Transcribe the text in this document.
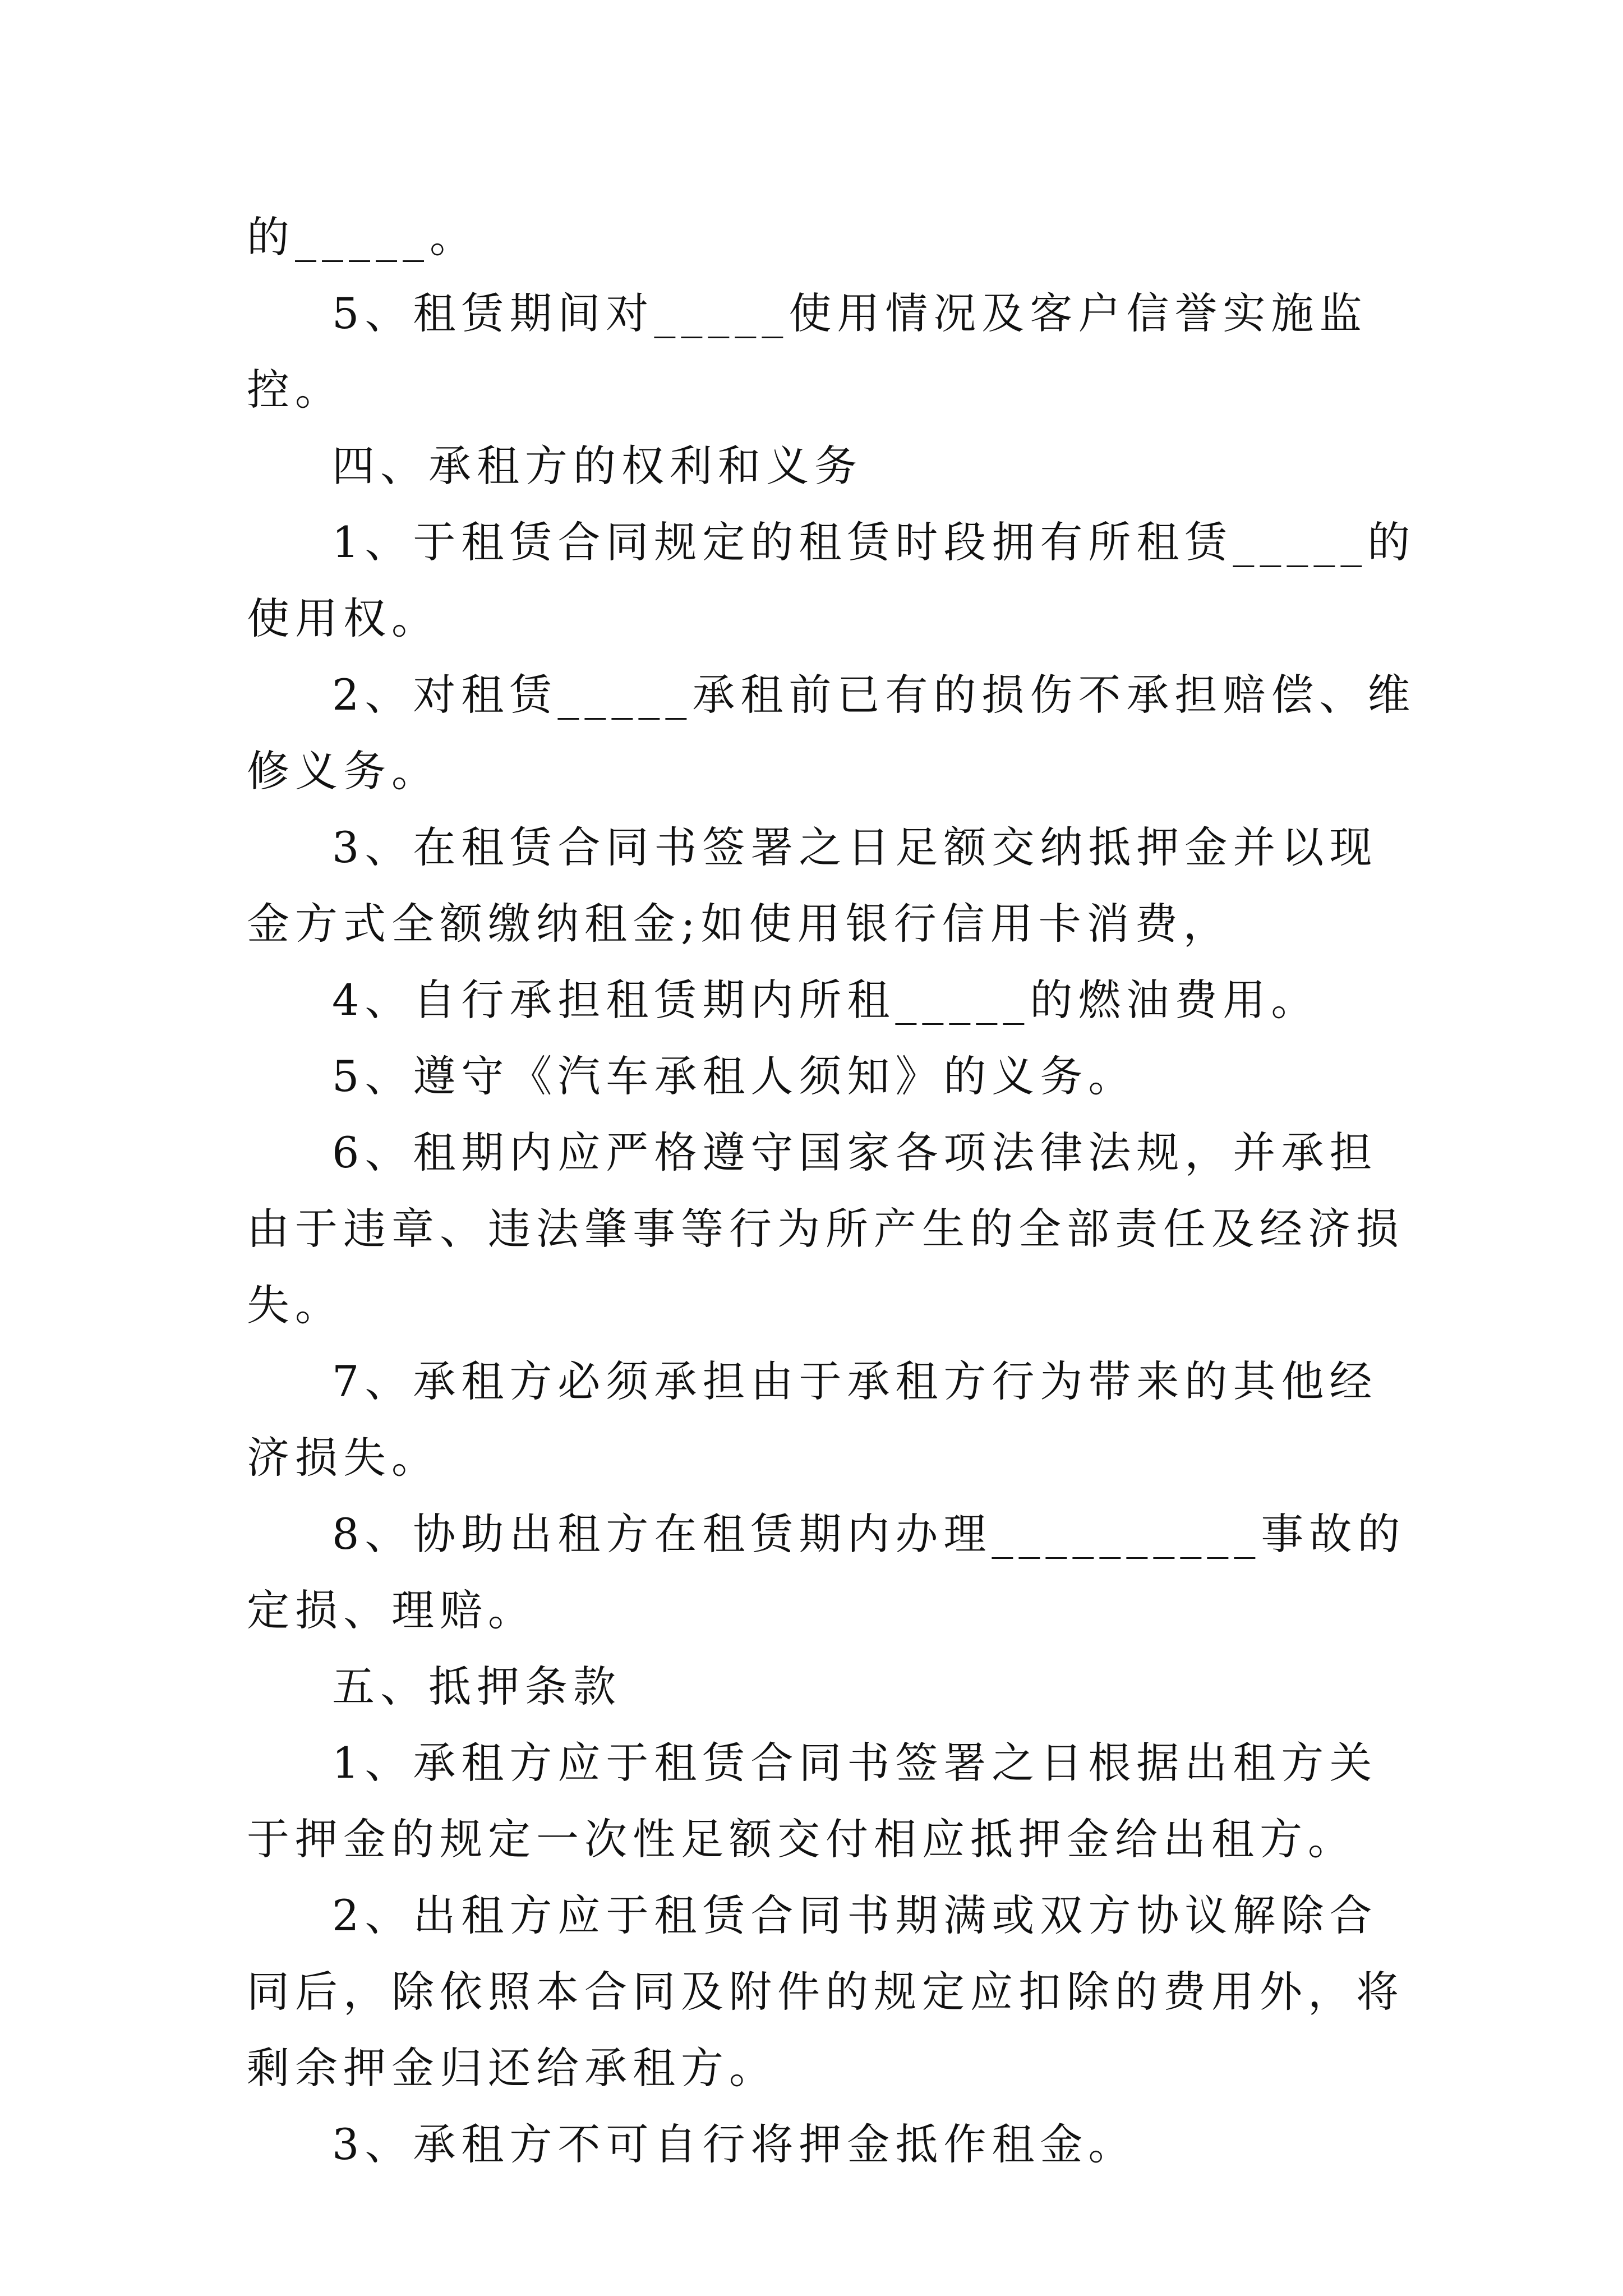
的_____。

5、租赁期间对_____使用情况及客户信誉实施监控。

四、承租方的权利和义务

1、于租赁合同规定的租赁时段拥有所租赁_____的使用权。

2、对租赁_____承租前已有的损伤不承担赔偿、维修义务。

3、在租赁合同书签署之日足额交纳抵押金并以现金方式全额缴纳租金;如使用银行信用卡消费，

4、自行承担租赁期内所租_____的燃油费用。

5、遵守《汽车承租人须知》的义务。

6、租期内应严格遵守国家各项法律法规，并承担由于违章、违法肇事等行为所产生的全部责任及经济损失。

7、承租方必须承担由于承租方行为带来的其他经济损失。

8、协助出租方在租赁期内办理__________事故的定损、理赔。

五、抵押条款

1、承租方应于租赁合同书签署之日根据出租方关于押金的规定一次性足额交付相应抵押金给出租方。

2、出租方应于租赁合同书期满或双方协议解除合同后，除依照本合同及附件的规定应扣除的费用外，将剩余押金归还给承租方。

3、承租方不可自行将押金抵作租金。
